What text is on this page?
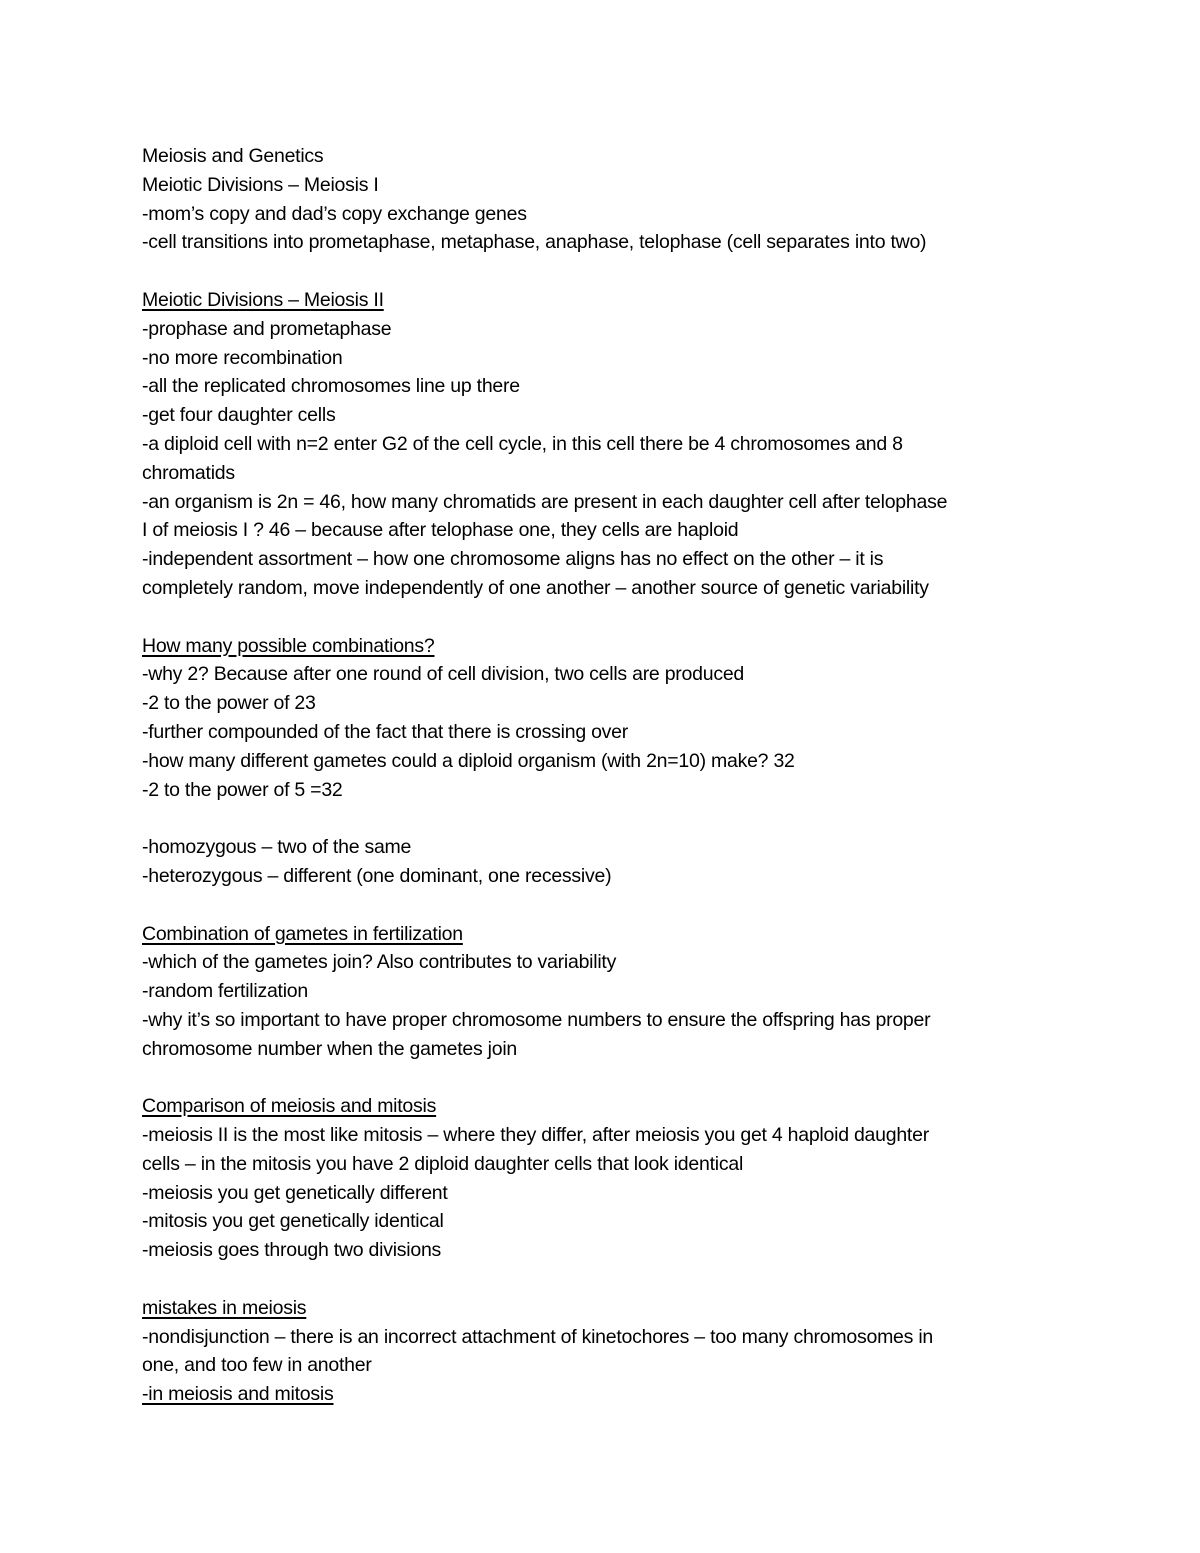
Meiosis and Genetics
Meiotic Divisions – Meiosis I
-mom’s copy and dad’s copy exchange genes
-cell transitions into prometaphase, metaphase, anaphase, telophase (cell separates into two)
Meiotic Divisions – Meiosis II
-prophase and prometaphase
-no more recombination
-all the replicated chromosomes line up there
-get four daughter cells
-a diploid cell with n=2 enter G2 of the cell cycle, in this cell there be 4 chromosomes and 8
chromatids
-an organism is 2n = 46, how many chromatids are present in each daughter cell after telophase
I of meiosis I ? 46 – because after telophase one, they cells are haploid
-independent assortment – how one chromosome aligns has no effect on the other – it is
completely random, move independently of one another – another source of genetic variability
How many possible combinations?
-why 2? Because after one round of cell division, two cells are produced
-2 to the power of 23
-further compounded of the fact that there is crossing over
-how many different gametes could a diploid organism (with 2n=10) make? 32
-2 to the power of 5 =32
-homozygous – two of the same
-heterozygous – different (one dominant, one recessive)
Combination of gametes in fertilization
-which of the gametes join? Also contributes to variability
-random fertilization
-why it’s so important to have proper chromosome numbers to ensure the offspring has proper
chromosome number when the gametes join
Comparison of meiosis and mitosis
-meiosis II is the most like mitosis – where they differ, after meiosis you get 4 haploid daughter
cells – in the mitosis you have 2 diploid daughter cells that look identical
-meiosis you get genetically different
-mitosis you get genetically identical
-meiosis goes through two divisions
mistakes in meiosis
-nondisjunction – there is an incorrect attachment of kinetochores – too many chromosomes in
one, and too few in another
-in meiosis and mitosis
